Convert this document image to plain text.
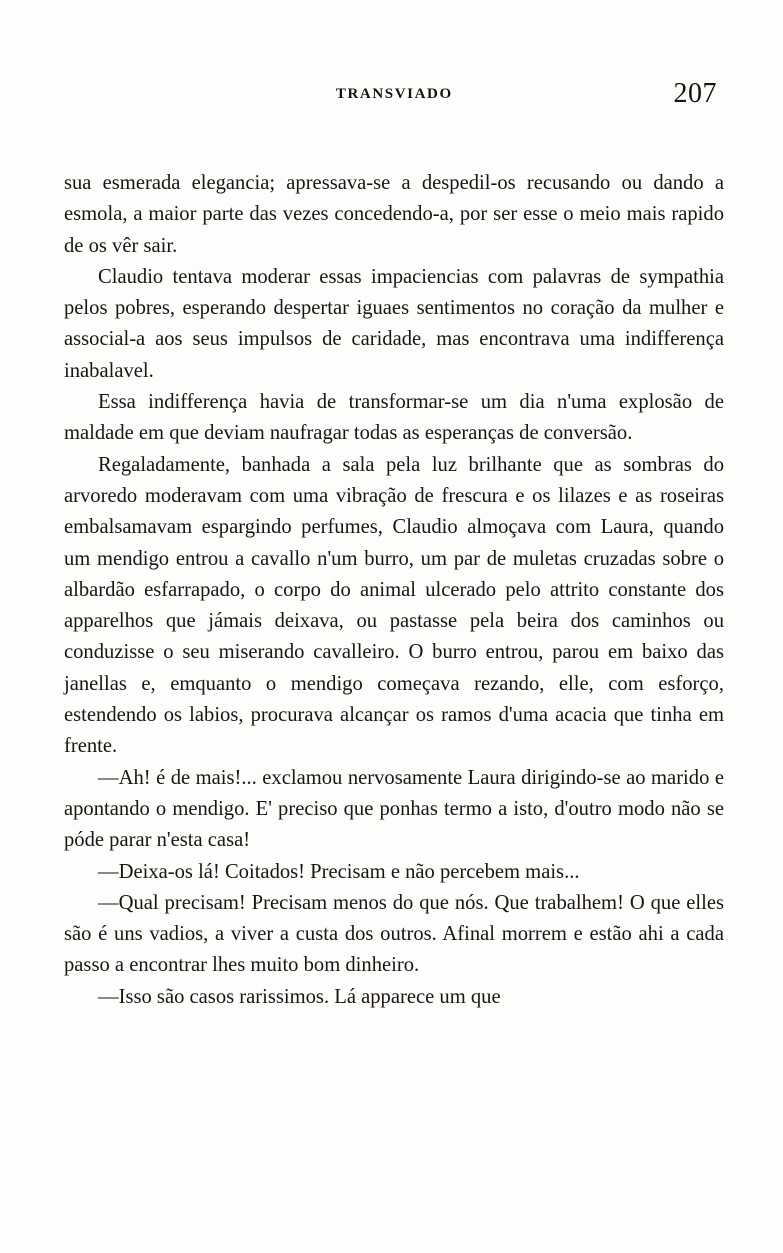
TRANSVIADO	207

sua esmerada elegancia; apressava-se a despedil-os recusando ou dando a esmola, a maior parte das vezes concedendo-a, por ser esse o meio mais rapido de os vêr sair.

Claudio tentava moderar essas impaciencias com palavras de sympathia pelos pobres, esperando despertar iguaes sentimentos no coração da mulher e associal-a aos seus impulsos de caridade, mas encontrava uma indifferença inabalavel.

Essa indifferença havia de transformar-se um dia n'uma explosão de maldade em que deviam naufragar todas as esperanças de conversão.

Regaladamente, banhada a sala pela luz brilhante que as sombras do arvoredo moderavam com uma vibração de frescura e os lilazes e as roseiras embalsamavam espargindo perfumes, Claudio almoçava com Laura, quando um mendigo entrou a cavallo n'um burro, um par de muletas cruzadas sobre o albardão esfarrapado, o corpo do animal ulcerado pelo attrito constante dos apparelhos que jámais deixava, ou pastasse pela beira dos caminhos ou conduzisse o seu miserando cavalleiro. O burro entrou, parou em baixo das janellas e, emquanto o mendigo começava rezando, elle, com esforço, estendendo os labios, procurava alcançar os ramos d'uma acacia que tinha em frente.

—Ah! é de mais!... exclamou nervosamente Laura dirigindo-se ao marido e apontando o mendigo. E' preciso que ponhas termo a isto, d'outro modo não se póde parar n'esta casa!

—Deixa-os lá! Coitados! Precisam e não percebem mais...

—Qual precisam! Precisam menos do que nós. Que trabalhem! O que elles são é uns vadios, a viver a custa dos outros. Afinal morrem e estão ahi a cada passo a encontrar lhes muito bom dinheiro.

—Isso são casos rarissimos. Lá apparece um que
